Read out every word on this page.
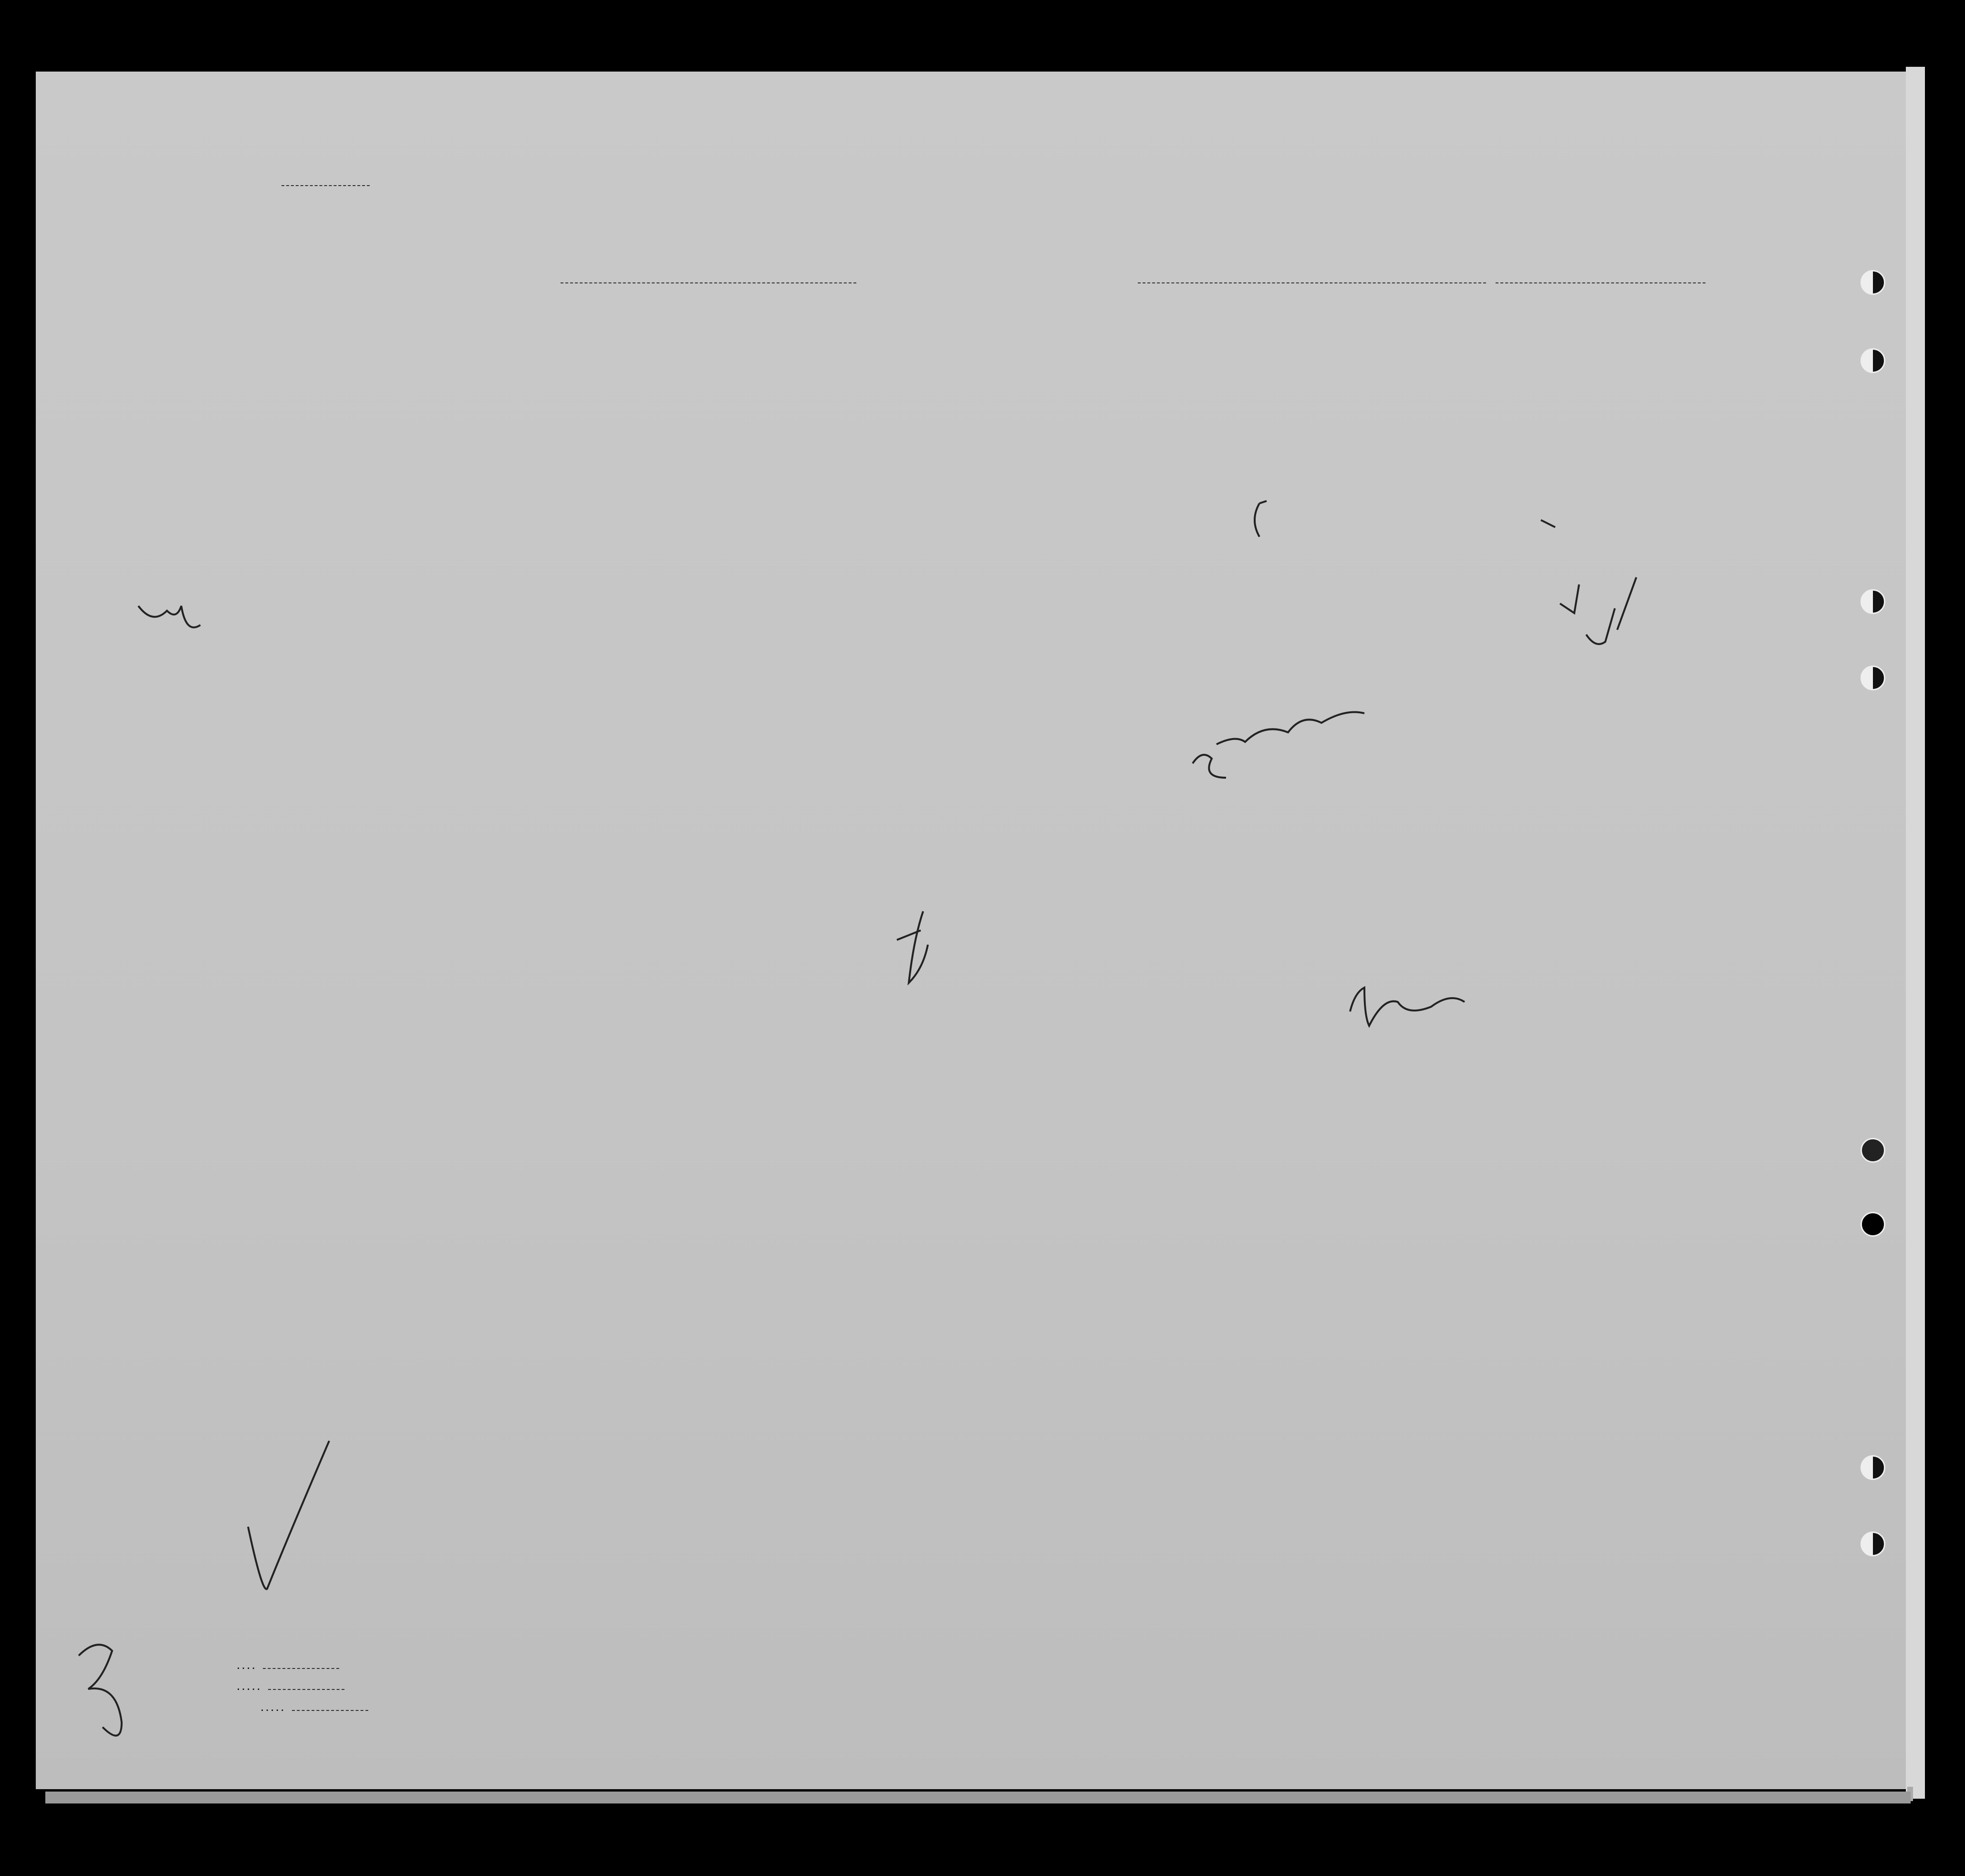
. . . .
. . . . .
. . . . .
